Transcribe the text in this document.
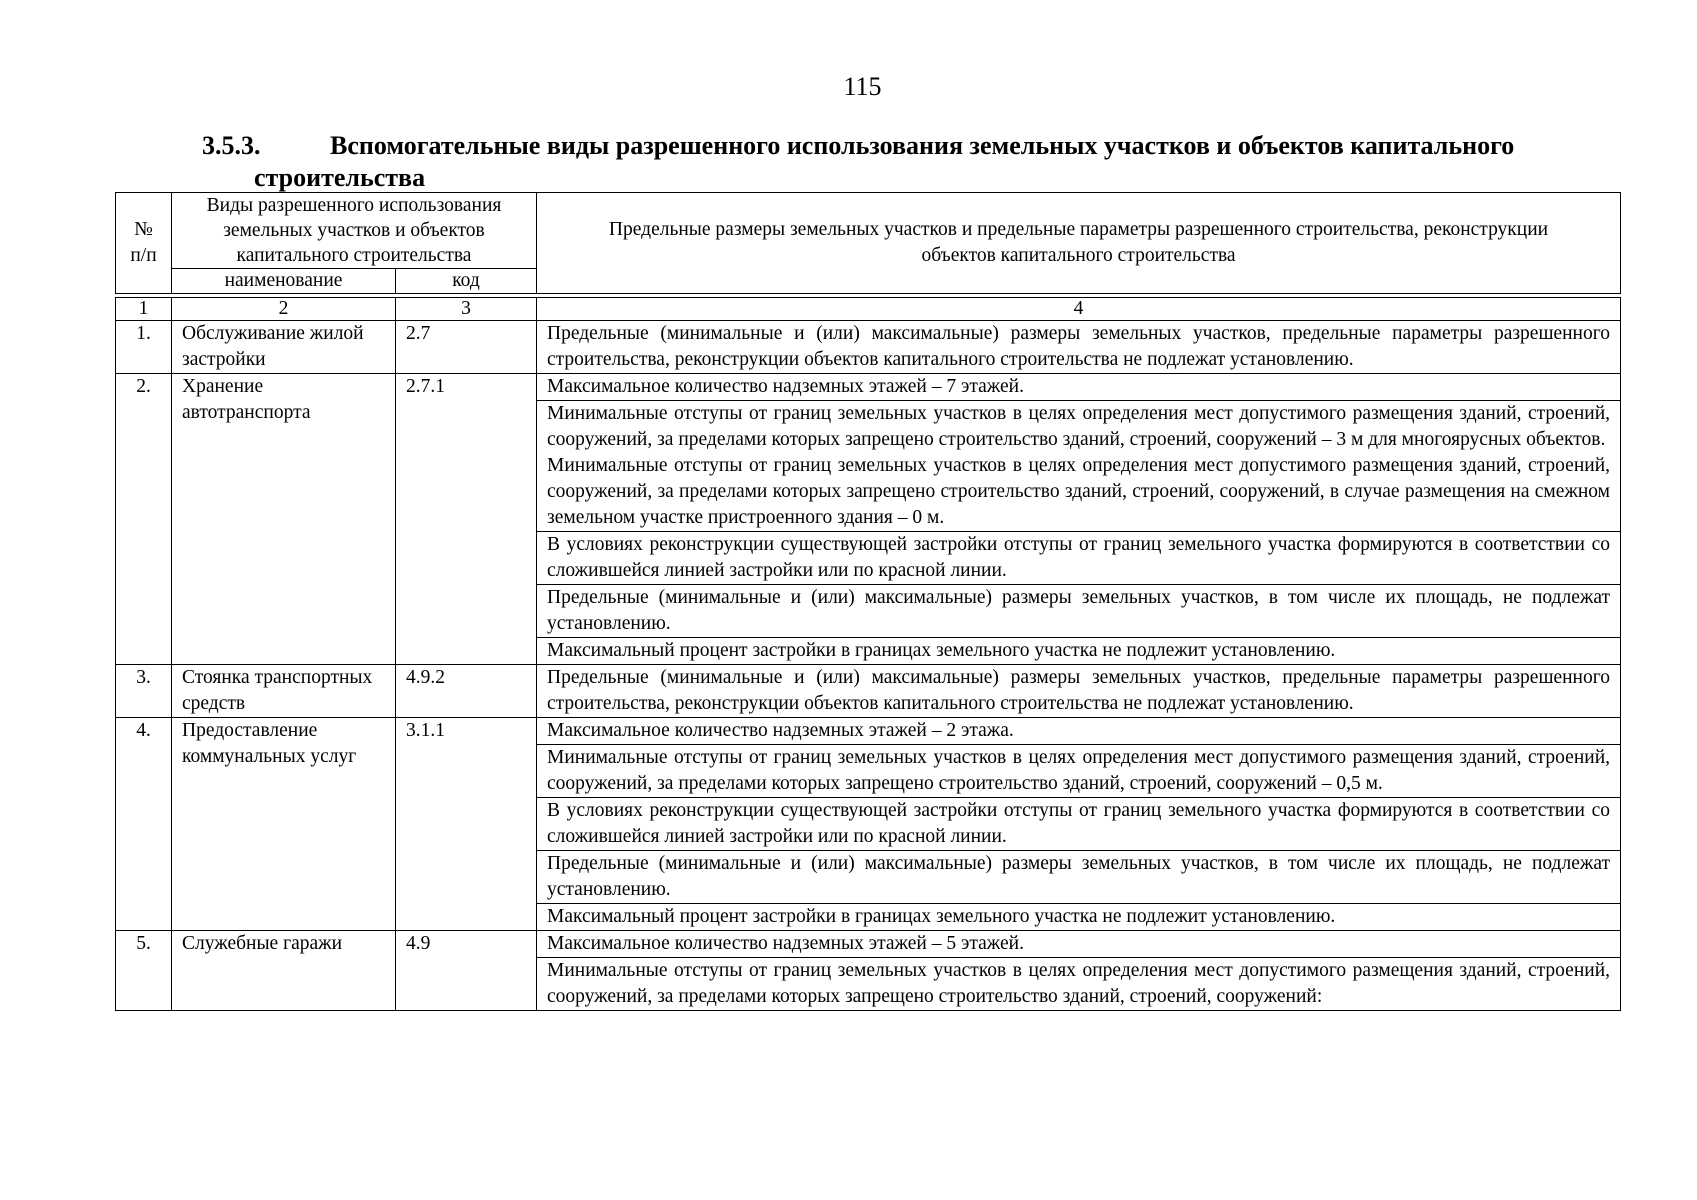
115
3.5.3.	Вспомогательные виды разрешенного использования земельных участков и объектов капитального
строительства
№ п/п	Виды разрешенного использования земельных участков и объектов капитального строительства		Предельные размеры земельных участков и предельные параметры разрешенного строительства, реконструкции объектов капитального строительства
	наименование	код	

1	2	3	4
1.	Обслуживание жилой застройки	2.7	Предельные (минимальные и (или) максимальные) размеры земельных участков, предельные параметры разрешенного строительства, реконструкции объектов капитального строительства не подлежат установлению.

2.	Хранение автотранспорта	2.7.1	Максимальное количество надземных этажей – 7 этажей.

			Минимальные отступы от границ земельных участков в целях определения мест допустимого размещения зданий, строений, сооружений, за пределами которых запрещено строительство зданий, строений, сооружений – 3 м для многоярусных объектов.
Минимальные отступы от границ земельных участков в целях определения мест допустимого размещения зданий, строений, сооружений, за пределами которых запрещено строительство зданий, строений, сооружений, в случае размещения на смежном земельном участке пристроенного здания – 0 м.

			В условиях реконструкции существующей застройки отступы от границ земельного участка формируются в соответствии со сложившейся линией застройки или по красной линии.

			Предельные (минимальные и (или) максимальные) размеры земельных участков, в том числе их площадь, не подлежат установлению.

			Максимальный процент застройки в границах земельного участка не подлежит установлению.

3.	Стоянка транспортных средств	4.9.2	Предельные (минимальные и (или) максимальные) размеры земельных участков, предельные параметры разрешенного строительства, реконструкции объектов капитального строительства не подлежат установлению.

4.	Предоставление коммунальных услуг	3.1.1	Максимальное количество надземных этажей – 2 этажа.

			Минимальные отступы от границ земельных участков в целях определения мест допустимого размещения зданий, строений, сооружений, за пределами которых запрещено строительство зданий, строений, сооружений – 0,5 м.

			В условиях реконструкции существующей застройки отступы от границ земельного участка формируются в соответствии со сложившейся линией застройки или по красной линии.

			Предельные (минимальные и (или) максимальные) размеры земельных участков, в том числе их площадь, не подлежат установлению.

			Максимальный процент застройки в границах земельного участка не подлежит установлению.

5.	Служебные гаражи	4.9	Максимальное количество надземных этажей – 5 этажей.

			Минимальные отступы от границ земельных участков в целях определения мест допустимого размещения зданий, строений, сооружений, за пределами которых запрещено строительство зданий, строений, сооружений:
